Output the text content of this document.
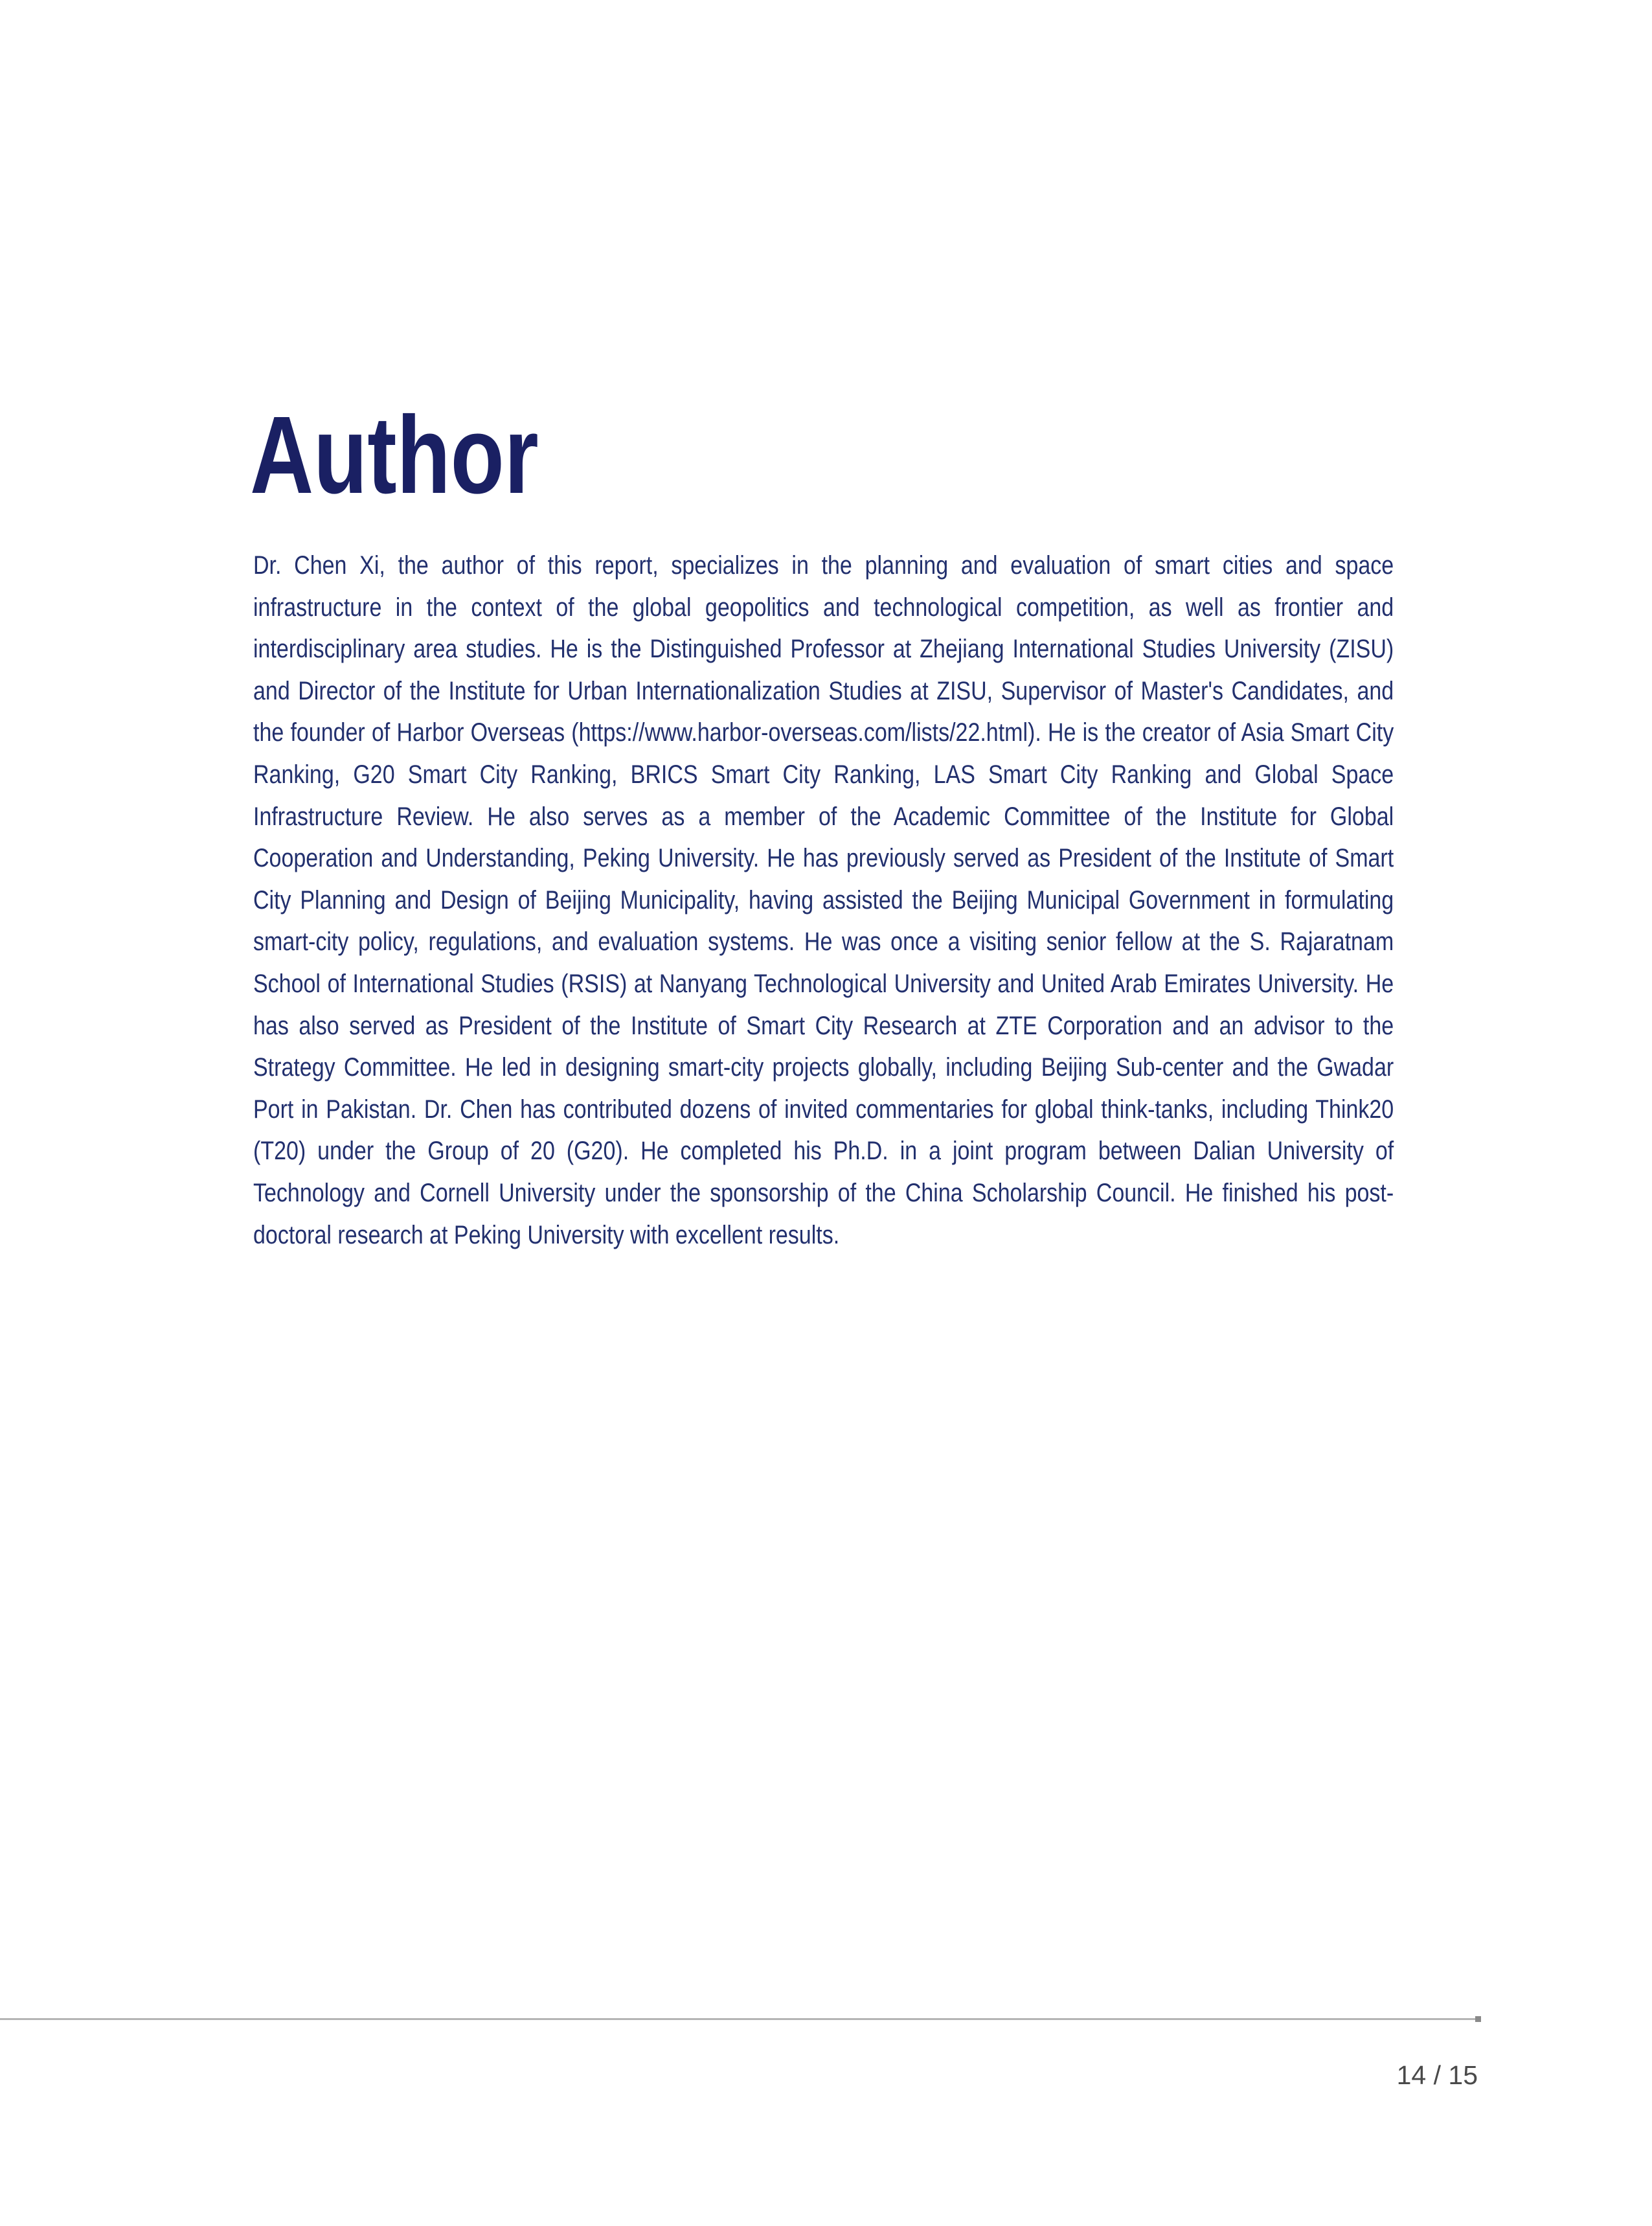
Author

Dr. Chen Xi, the author of this report, specializes in the planning and evaluation of smart cities and space infrastructure in the context of the global geopolitics and technological competition, as well as frontier and interdisciplinary area studies. He is the Distinguished Professor at Zhejiang International Studies University (ZISU) and Director of the Institute for Urban Internationalization Studies at ZISU, Supervisor of Master's Candidates, and the founder of Harbor Overseas (https://www.harbor-overseas.com/lists/22.html). He is the creator of Asia Smart City Ranking, G20 Smart City Ranking, BRICS Smart City Ranking, LAS Smart City Ranking and Global Space Infrastructure Review. He also serves as a member of the Academic Committee of the Institute for Global Cooperation and Understanding, Peking University. He has previously served as President of the Institute of Smart City Planning and Design of Beijing Municipality, having assisted the Beijing Municipal Government in formulating smart-city policy, regulations, and evaluation systems. He was once a visiting senior fellow at the S. Rajaratnam School of International Studies (RSIS) at Nanyang Technological University and United Arab Emirates University. He has also served as President of the Institute of Smart City Research at ZTE Corporation and an advisor to the Strategy Committee. He led in designing smart-city projects globally, including Beijing Sub-center and the Gwadar Port in Pakistan. Dr. Chen has contributed dozens of invited commentaries for global think-tanks, including Think20 (T20) under the Group of 20 (G20). He completed his Ph.D. in a joint program between Dalian University of Technology and Cornell University under the sponsorship of the China Scholarship Council. He finished his post-doctoral research at Peking University with excellent results.

14 / 15
